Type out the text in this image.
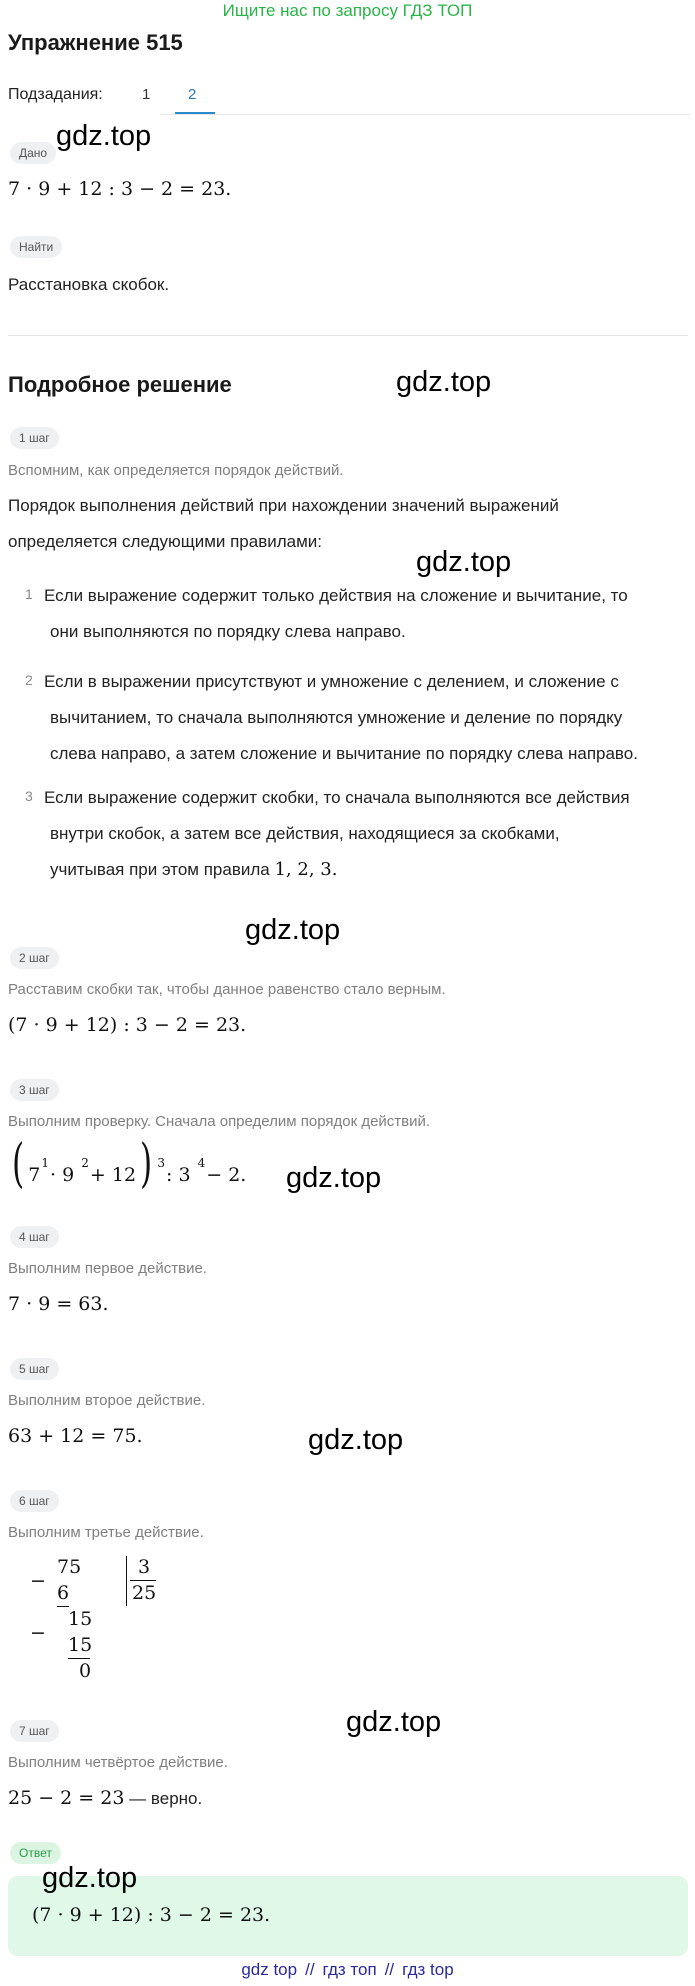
Ищите нас по запросу ГДЗ ТОП
Упражнение 515
Подзадания:	1	2
Дано
gdz.top
7 · 9 + 12 : 3 − 2 = 23.
Найти
Расстановка скобок.
Подробное решение	gdz.top
1 шаг
Вспомним, как определяется порядок действий.
Порядок выполнения действий при нахождении значений выражений
определяется следующими правилами:
gdz.top
1 Если выражение содержит только действия на сложение и вычитание, то
они выполняются по порядку слева направо.
2 Если в выражении присутствуют и умножение с делением, и сложение с
вычитанием, то сначала выполняются умножение и деление по порядку
слева направо, а затем сложение и вычитание по порядку слева направо.
3 Если выражение содержит скобки, то сначала выполняются все действия
внутри скобок, а затем все действия, находящиеся за скобками,
учитывая при этом правила 1, 2, 3.
gdz.top
2 шаг
Расставим скобки так, чтобы данное равенство стало верным.
(7 · 9 + 12) : 3 − 2 = 23.
3 шаг
Выполним проверку. Сначала определим порядок действий.
( $7^1\cdot 9$ $^2$+ 12) $^3$: 3 $^4$− 2. gdz.top
4 шаг
Выполним первое действие.
7 · 9 = 63.
5 шаг
Выполним второе действие.
63 + 12 = 75.	gdz.top
6 шаг
Выполним третье действие.
−
75
6
15
−
15
0
3
25
gdz.top
7 шаг
Выполним четвёртое действие.
25 − 2 = 23 — верно.
Ответ
gdz.top
(7 · 9 + 12) : 3 − 2 = 23.
gdz top // гдз топ // гдз top
